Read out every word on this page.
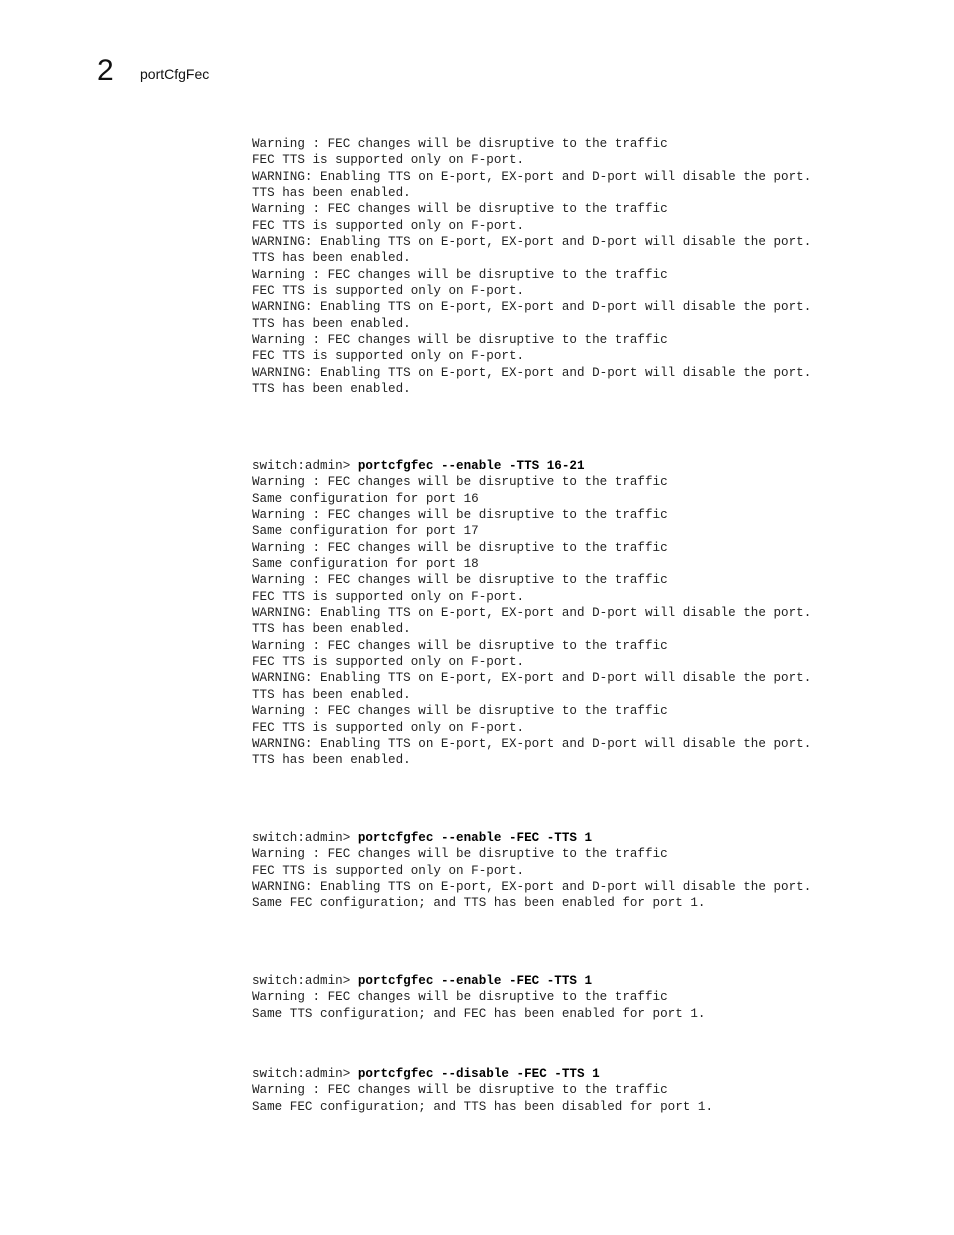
2 portCfgFec
Warning : FEC changes will be disruptive to the traffic
FEC TTS is supported only on F-port.
WARNING: Enabling TTS on E-port, EX-port and D-port will disable the port.
TTS has been enabled.
Warning : FEC changes will be disruptive to the traffic
FEC TTS is supported only on F-port.
WARNING: Enabling TTS on E-port, EX-port and D-port will disable the port.
TTS has been enabled.
Warning : FEC changes will be disruptive to the traffic
FEC TTS is supported only on F-port.
WARNING: Enabling TTS on E-port, EX-port and D-port will disable the port.
TTS has been enabled.
Warning : FEC changes will be disruptive to the traffic
FEC TTS is supported only on F-port.
WARNING: Enabling TTS on E-port, EX-port and D-port will disable the port.
TTS has been enabled.
switch:admin> portcfgfec --enable -TTS 16-21
Warning : FEC changes will be disruptive to the traffic
Same configuration for port 16
Warning : FEC changes will be disruptive to the traffic
Same configuration for port 17
Warning : FEC changes will be disruptive to the traffic
Same configuration for port 18
Warning : FEC changes will be disruptive to the traffic
FEC TTS is supported only on F-port.
WARNING: Enabling TTS on E-port, EX-port and D-port will disable the port.
TTS has been enabled.
Warning : FEC changes will be disruptive to the traffic
FEC TTS is supported only on F-port.
WARNING: Enabling TTS on E-port, EX-port and D-port will disable the port.
TTS has been enabled.
Warning : FEC changes will be disruptive to the traffic
FEC TTS is supported only on F-port.
WARNING: Enabling TTS on E-port, EX-port and D-port will disable the port.
TTS has been enabled.
switch:admin> portcfgfec --enable -FEC -TTS 1
Warning : FEC changes will be disruptive to the traffic
FEC TTS is supported only on F-port.
WARNING: Enabling TTS on E-port, EX-port and D-port will disable the port.
Same FEC configuration; and TTS has been enabled for port 1.
switch:admin> portcfgfec --enable -FEC -TTS 1
Warning : FEC changes will be disruptive to the traffic
Same TTS configuration; and FEC has been enabled for port 1.
switch:admin> portcfgfec --disable -FEC -TTS 1
Warning : FEC changes will be disruptive to the traffic
Same FEC configuration; and TTS has been disabled for port 1.
